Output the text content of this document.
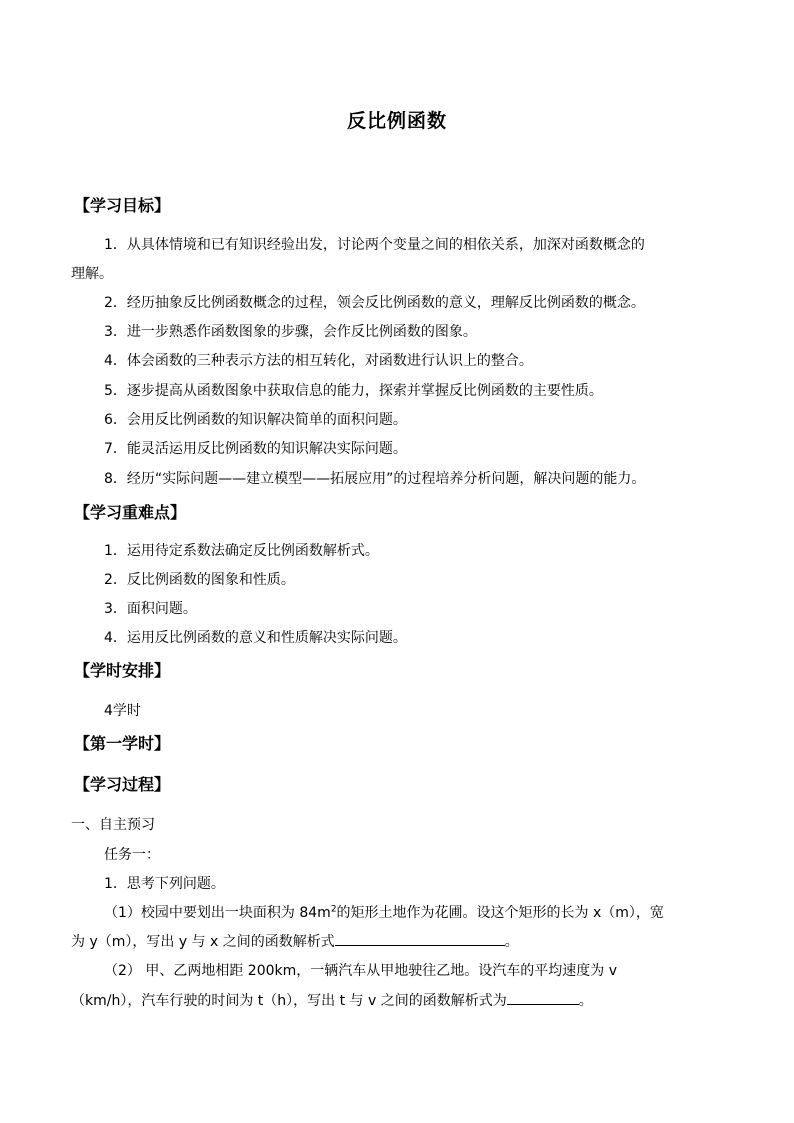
反比例函数
【学习目标】
1．从具体情境和已有知识经验出发，讨论两个变量之间的相依关系，加深对函数概念的
理解。
2．经历抽象反比例函数概念的过程，领会反比例函数的意义，理解反比例函数的概念。
3．进一步熟悉作函数图象的步骤，会作反比例函数的图象。
4．体会函数的三种表示方法的相互转化，对函数进行认识上的整合。
5．逐步提高从函数图象中获取信息的能力，探索并掌握反比例函数的主要性质。
6．会用反比例函数的知识解决简单的面积问题。
7．能灵活运用反比例函数的知识解决实际问题。
8．经历“实际问题——建立模型——拓展应用”的过程培养分析问题，解决问题的能力。
【学习重难点】
1．运用待定系数法确定反比例函数解析式。
2．反比例函数的图象和性质。
3．面积问题。
4．运用反比例函数的意义和性质解决实际问题。
【学时安排】
4学时
【第一学时】
【学习过程】
一、自主预习
任务一：
1．思考下列问题。
（1）校园中要划出一块面积为 $84m^2$的矩形土地作为花圃。设这个矩形的长为 x（m），宽
为 y（m），写出 y 与 x 之间的函数解析式	。
（2） 甲、乙两地相距 200km，一辆汽车从甲地驶往乙地。设汽车的平均速度为 v
（km/h），汽车行驶的时间为 t（h），写出 t 与 v 之间的函数解析式为	。
